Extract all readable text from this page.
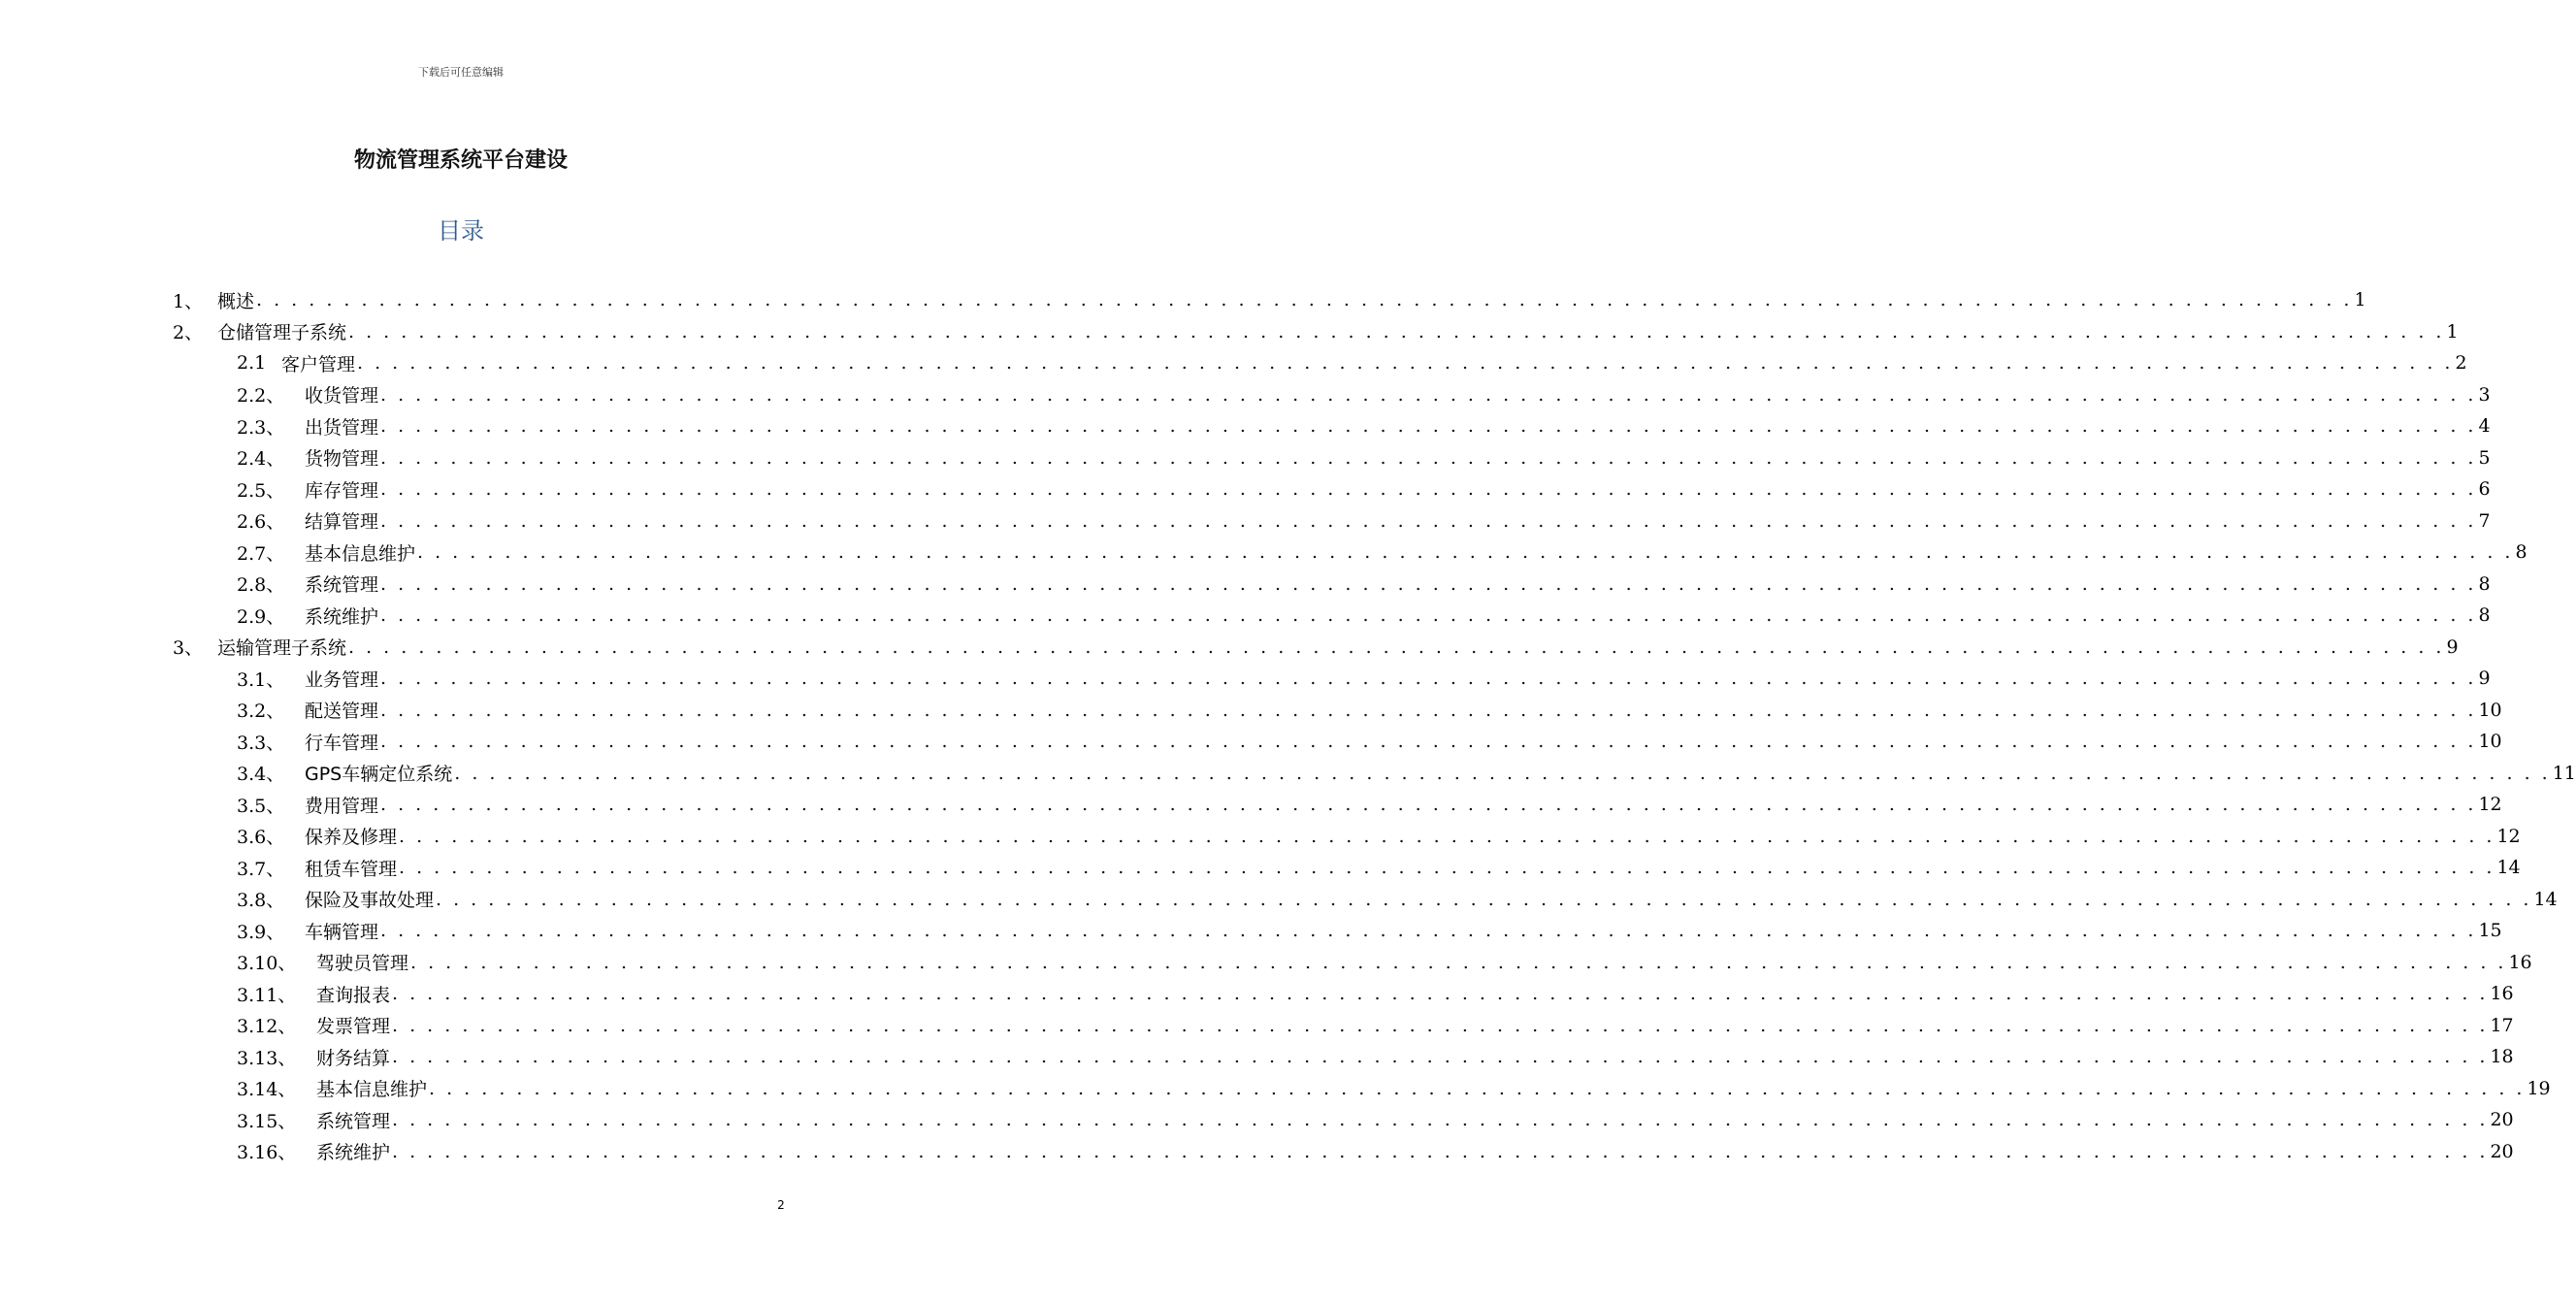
下载后可任意编辑
物流管理系统平台建设
目录
1、 概述 . . . . . . . . . . . . . . . . . . . . . . . . . . . . . . . . . . . . . . . . . . . . . . . . . . . . . . . . . . . . . . . . . . . . . . . . . . . . . . . . . . . . . . . . . . . . . . . . . . . . . . . . . . . . . . . . . . . . . . . . 1
2、 仓储管理子系统 . . . . . . . . . . . . . . . . . . . . . . . . . . . . . . . . . . . . . . . . . . . . . . . . . . . . . . . . . . . . . . . . . . . . . . . . . . . . . . . . . . . . . . . . . . . . . . . . . . . . . . . . . . . . . . . . . . . . . . . . 1
2.1 客户管理 . . . . . . . . . . . . . . . . . . . . . . . . . . . . . . . . . . . . . . . . . . . . . . . . . . . . . . . . . . . . . . . . . . . . . . . . . . . . . . . . . . . . . . . . . . . . . . . . . . . . . . . . . . . . . . . . . . . . . . . . 2
2.2、	收货管理 . . . . . . . . . . . . . . . . . . . . . . . . . . . . . . . . . . . . . . . . . . . . . . . . . . . . . . . . . . . . . . . . . . . . . . . . . . . . . . . . . . . . . . . . . . . . . . . . . . . . . . . . . . . . . . . . . . . . . . . . 3
2.3、	出货管理 . . . . . . . . . . . . . . . . . . . . . . . . . . . . . . . . . . . . . . . . . . . . . . . . . . . . . . . . . . . . . . . . . . . . . . . . . . . . . . . . . . . . . . . . . . . . . . . . . . . . . . . . . . . . . . . . . . . . . . . . 4
2.4、	货物管理 . . . . . . . . . . . . . . . . . . . . . . . . . . . . . . . . . . . . . . . . . . . . . . . . . . . . . . . . . . . . . . . . . . . . . . . . . . . . . . . . . . . . . . . . . . . . . . . . . . . . . . . . . . . . . . . . . . . . . . . . 5
2.5、	库存管理 . . . . . . . . . . . . . . . . . . . . . . . . . . . . . . . . . . . . . . . . . . . . . . . . . . . . . . . . . . . . . . . . . . . . . . . . . . . . . . . . . . . . . . . . . . . . . . . . . . . . . . . . . . . . . . . . . . . . . . . . 6
2.6、	结算管理 . . . . . . . . . . . . . . . . . . . . . . . . . . . . . . . . . . . . . . . . . . . . . . . . . . . . . . . . . . . . . . . . . . . . . . . . . . . . . . . . . . . . . . . . . . . . . . . . . . . . . . . . . . . . . . . . . . . . . . . . 7
2.7、	基本信息维护 . . . . . . . . . . . . . . . . . . . . . . . . . . . . . . . . . . . . . . . . . . . . . . . . . . . . . . . . . . . . . . . . . . . . . . . . . . . . . . . . . . . . . . . . . . . . . . . . . . . . . . . . . . . . . . . . . . . . . . . . 8
2.8、	系统管理 . . . . . . . . . . . . . . . . . . . . . . . . . . . . . . . . . . . . . . . . . . . . . . . . . . . . . . . . . . . . . . . . . . . . . . . . . . . . . . . . . . . . . . . . . . . . . . . . . . . . . . . . . . . . . . . . . . . . . . . . 8
2.9、	系统维护 . . . . . . . . . . . . . . . . . . . . . . . . . . . . . . . . . . . . . . . . . . . . . . . . . . . . . . . . . . . . . . . . . . . . . . . . . . . . . . . . . . . . . . . . . . . . . . . . . . . . . . . . . . . . . . . . . . . . . . . . 8
3、 运输管理子系统 . . . . . . . . . . . . . . . . . . . . . . . . . . . . . . . . . . . . . . . . . . . . . . . . . . . . . . . . . . . . . . . . . . . . . . . . . . . . . . . . . . . . . . . . . . . . . . . . . . . . . . . . . . . . . . . . . . . . . . . . 9
3.1、	业务管理 . . . . . . . . . . . . . . . . . . . . . . . . . . . . . . . . . . . . . . . . . . . . . . . . . . . . . . . . . . . . . . . . . . . . . . . . . . . . . . . . . . . . . . . . . . . . . . . . . . . . . . . . . . . . . . . . . . . . . . . . 9
3.2、	配送管理 . . . . . . . . . . . . . . . . . . . . . . . . . . . . . . . . . . . . . . . . . . . . . . . . . . . . . . . . . . . . . . . . . . . . . . . . . . . . . . . . . . . . . . . . . . . . . . . . . . . . . . . . . . . . . . . . . . . . . . . . 10
3.3、	行车管理 . . . . . . . . . . . . . . . . . . . . . . . . . . . . . . . . . . . . . . . . . . . . . . . . . . . . . . . . . . . . . . . . . . . . . . . . . . . . . . . . . . . . . . . . . . . . . . . . . . . . . . . . . . . . . . . . . . . . . . . . 10
3.4、	GPS车辆定位系统 . . . . . . . . . . . . . . . . . . . . . . . . . . . . . . . . . . . . . . . . . . . . . . . . . . . . . . . . . . . . . . . . . . . . . . . . . . . . . . . . . . . . . . . . . . . . . . . . . . . . . . . . . . . . . . . . . . . . . . . . 11
3.5、	费用管理 . . . . . . . . . . . . . . . . . . . . . . . . . . . . . . . . . . . . . . . . . . . . . . . . . . . . . . . . . . . . . . . . . . . . . . . . . . . . . . . . . . . . . . . . . . . . . . . . . . . . . . . . . . . . . . . . . . . . . . . . 12
3.6、	保养及修理 . . . . . . . . . . . . . . . . . . . . . . . . . . . . . . . . . . . . . . . . . . . . . . . . . . . . . . . . . . . . . . . . . . . . . . . . . . . . . . . . . . . . . . . . . . . . . . . . . . . . . . . . . . . . . . . . . . . . . . . . 12
3.7、	租赁车管理 . . . . . . . . . . . . . . . . . . . . . . . . . . . . . . . . . . . . . . . . . . . . . . . . . . . . . . . . . . . . . . . . . . . . . . . . . . . . . . . . . . . . . . . . . . . . . . . . . . . . . . . . . . . . . . . . . . . . . . . . 14
3.8、	保险及事故处理 . . . . . . . . . . . . . . . . . . . . . . . . . . . . . . . . . . . . . . . . . . . . . . . . . . . . . . . . . . . . . . . . . . . . . . . . . . . . . . . . . . . . . . . . . . . . . . . . . . . . . . . . . . . . . . . . . . . . . . . . 14
3.9、	车辆管理 . . . . . . . . . . . . . . . . . . . . . . . . . . . . . . . . . . . . . . . . . . . . . . . . . . . . . . . . . . . . . . . . . . . . . . . . . . . . . . . . . . . . . . . . . . . . . . . . . . . . . . . . . . . . . . . . . . . . . . . . 15
3.10、	驾驶员管理 . . . . . . . . . . . . . . . . . . . . . . . . . . . . . . . . . . . . . . . . . . . . . . . . . . . . . . . . . . . . . . . . . . . . . . . . . . . . . . . . . . . . . . . . . . . . . . . . . . . . . . . . . . . . . . . . . . . . . . . . 16
3.11、	查询报表 . . . . . . . . . . . . . . . . . . . . . . . . . . . . . . . . . . . . . . . . . . . . . . . . . . . . . . . . . . . . . . . . . . . . . . . . . . . . . . . . . . . . . . . . . . . . . . . . . . . . . . . . . . . . . . . . . . . . . . . . 16
3.12、	发票管理 . . . . . . . . . . . . . . . . . . . . . . . . . . . . . . . . . . . . . . . . . . . . . . . . . . . . . . . . . . . . . . . . . . . . . . . . . . . . . . . . . . . . . . . . . . . . . . . . . . . . . . . . . . . . . . . . . . . . . . . . 17
3.13、	财务结算 . . . . . . . . . . . . . . . . . . . . . . . . . . . . . . . . . . . . . . . . . . . . . . . . . . . . . . . . . . . . . . . . . . . . . . . . . . . . . . . . . . . . . . . . . . . . . . . . . . . . . . . . . . . . . . . . . . . . . . . . 18
3.14、	基本信息维护 . . . . . . . . . . . . . . . . . . . . . . . . . . . . . . . . . . . . . . . . . . . . . . . . . . . . . . . . . . . . . . . . . . . . . . . . . . . . . . . . . . . . . . . . . . . . . . . . . . . . . . . . . . . . . . . . . . . . . . . . 19
3.15、	系统管理 . . . . . . . . . . . . . . . . . . . . . . . . . . . . . . . . . . . . . . . . . . . . . . . . . . . . . . . . . . . . . . . . . . . . . . . . . . . . . . . . . . . . . . . . . . . . . . . . . . . . . . . . . . . . . . . . . . . . . . . . 20
3.16、	系统维护 . . . . . . . . . . . . . . . . . . . . . . . . . . . . . . . . . . . . . . . . . . . . . . . . . . . . . . . . . . . . . . . . . . . . . . . . . . . . . . . . . . . . . . . . . . . . . . . . . . . . . . . . . . . . . . . . . . . . . . . . 20
2
